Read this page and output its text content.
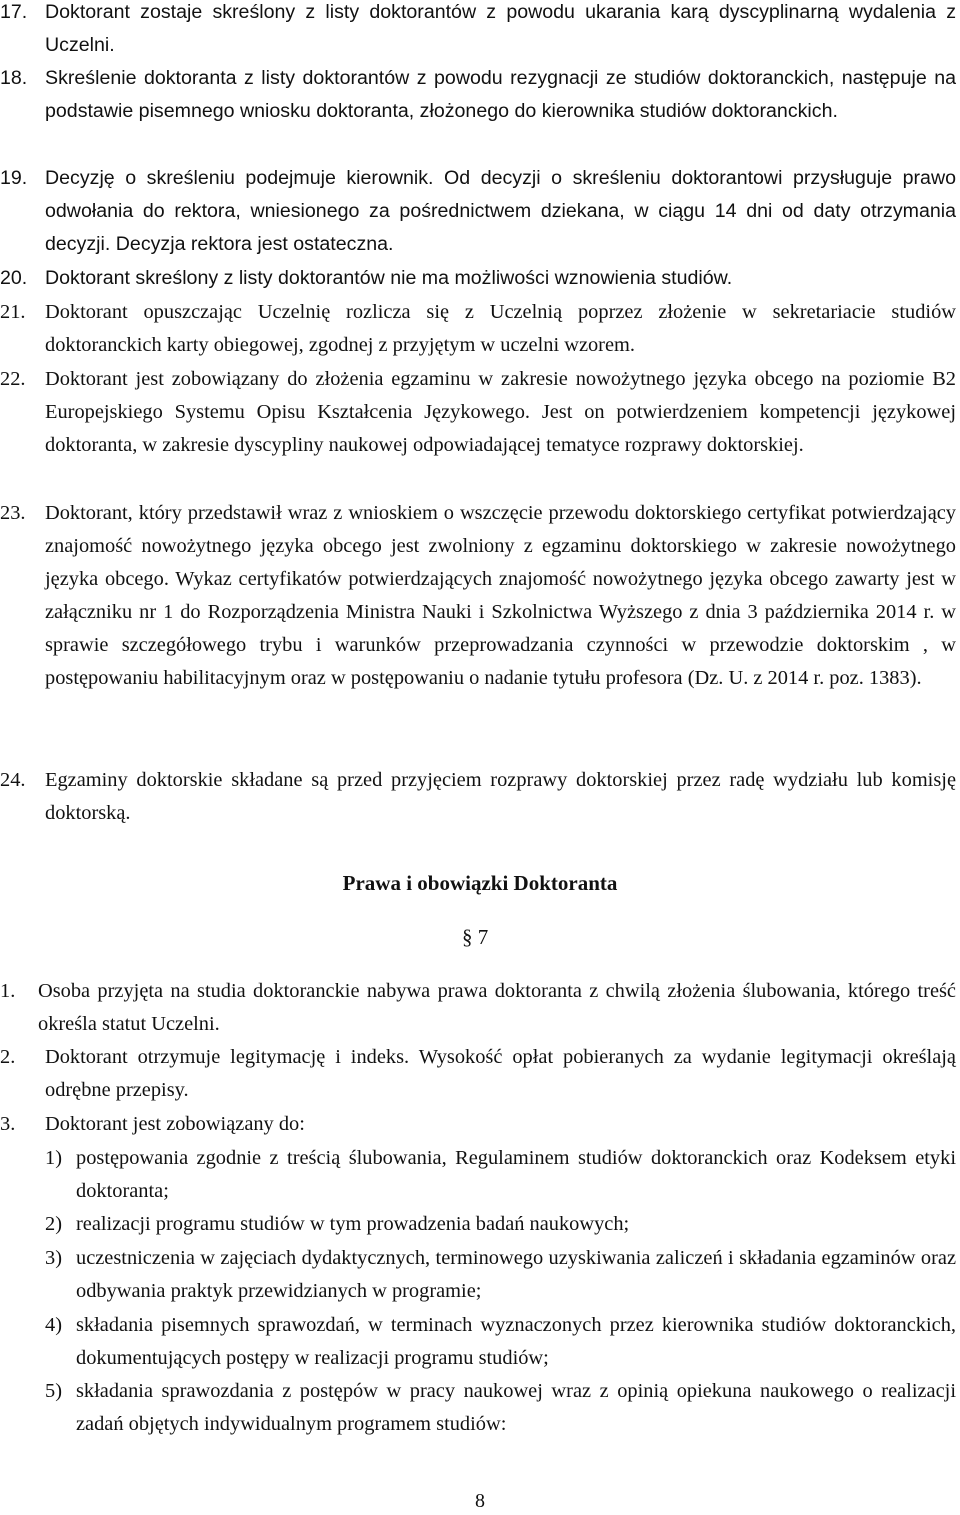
17. Doktorant zostaje skreślony z listy doktorantów z powodu ukarania karą dyscyplinarną wydalenia z Uczelni.
18. Skreślenie doktoranta z listy doktorantów z powodu rezygnacji ze studiów doktoranckich, następuje na podstawie pisemnego wniosku doktoranta, złożonego do kierownika studiów doktoranckich.
19. Decyzję o skreśleniu podejmuje kierownik. Od decyzji o skreśleniu doktorantowi przysługuje prawo odwołania do rektora, wniesionego za pośrednictwem dziekana, w ciągu 14 dni od daty otrzymania decyzji. Decyzja rektora jest ostateczna.
20. Doktorant skreślony z listy doktorantów nie ma możliwości wznowienia studiów.
21. Doktorant opuszczając Uczelnię rozlicza się z Uczelnią poprzez złożenie w sekretariacie studiów doktoranckich karty obiegowej, zgodnej z przyjętym w uczelni wzorem.
22. Doktorant jest zobowiązany do złożenia egzaminu w zakresie nowożytnego języka obcego na poziomie B2 Europejskiego Systemu Opisu Kształcenia Językowego. Jest on potwierdzeniem kompetencji językowej doktoranta, w zakresie dyscypliny naukowej odpowiadającej tematyce rozprawy doktorskiej.
23. Doktorant, który przedstawił wraz z wnioskiem o wszczęcie przewodu doktorskiego certyfikat potwierdzający znajomość nowożytnego języka obcego jest zwolniony z egzaminu doktorskiego w zakresie nowożytnego języka obcego. Wykaz certyfikatów potwierdzających znajomość nowożytnego języka obcego zawarty jest w załączniku nr 1 do Rozporządzenia Ministra Nauki i Szkolnictwa Wyższego z dnia 3 października 2014 r. w sprawie szczegółowego trybu i warunków przeprowadzania czynności w przewodzie doktorskim , w postępowaniu habilitacyjnym oraz w postępowaniu o nadanie tytułu profesora (Dz. U. z 2014 r. poz. 1383).
24. Egzaminy doktorskie składane są przed przyjęciem rozprawy doktorskiej przez radę wydziału lub komisję doktorską.
Prawa i obowiązki Doktoranta
§ 7
1. Osoba przyjęta na studia doktoranckie nabywa prawa doktoranta z chwilą złożenia ślubowania, którego treść określa statut Uczelni.
2. Doktorant otrzymuje legitymację i indeks. Wysokość opłat pobieranych za wydanie legitymacji określają odrębne przepisy.
3. Doktorant jest zobowiązany do:
1) postępowania zgodnie z treścią ślubowania, Regulaminem studiów doktoranckich oraz Kodeksem etyki doktoranta;
2) realizacji programu studiów w tym prowadzenia badań naukowych;
3) uczestniczenia w zajęciach dydaktycznych, terminowego uzyskiwania zaliczeń i składania egzaminów oraz odbywania praktyk przewidzianych w programie;
4) składania pisemnych sprawozdań, w terminach wyznaczonych przez kierownika studiów doktoranckich, dokumentujących postępy w realizacji programu studiów;
5) składania sprawozdania z postępów w pracy naukowej wraz z opinią opiekuna naukowego o realizacji zadań objętych indywidualnym programem studiów:
8
